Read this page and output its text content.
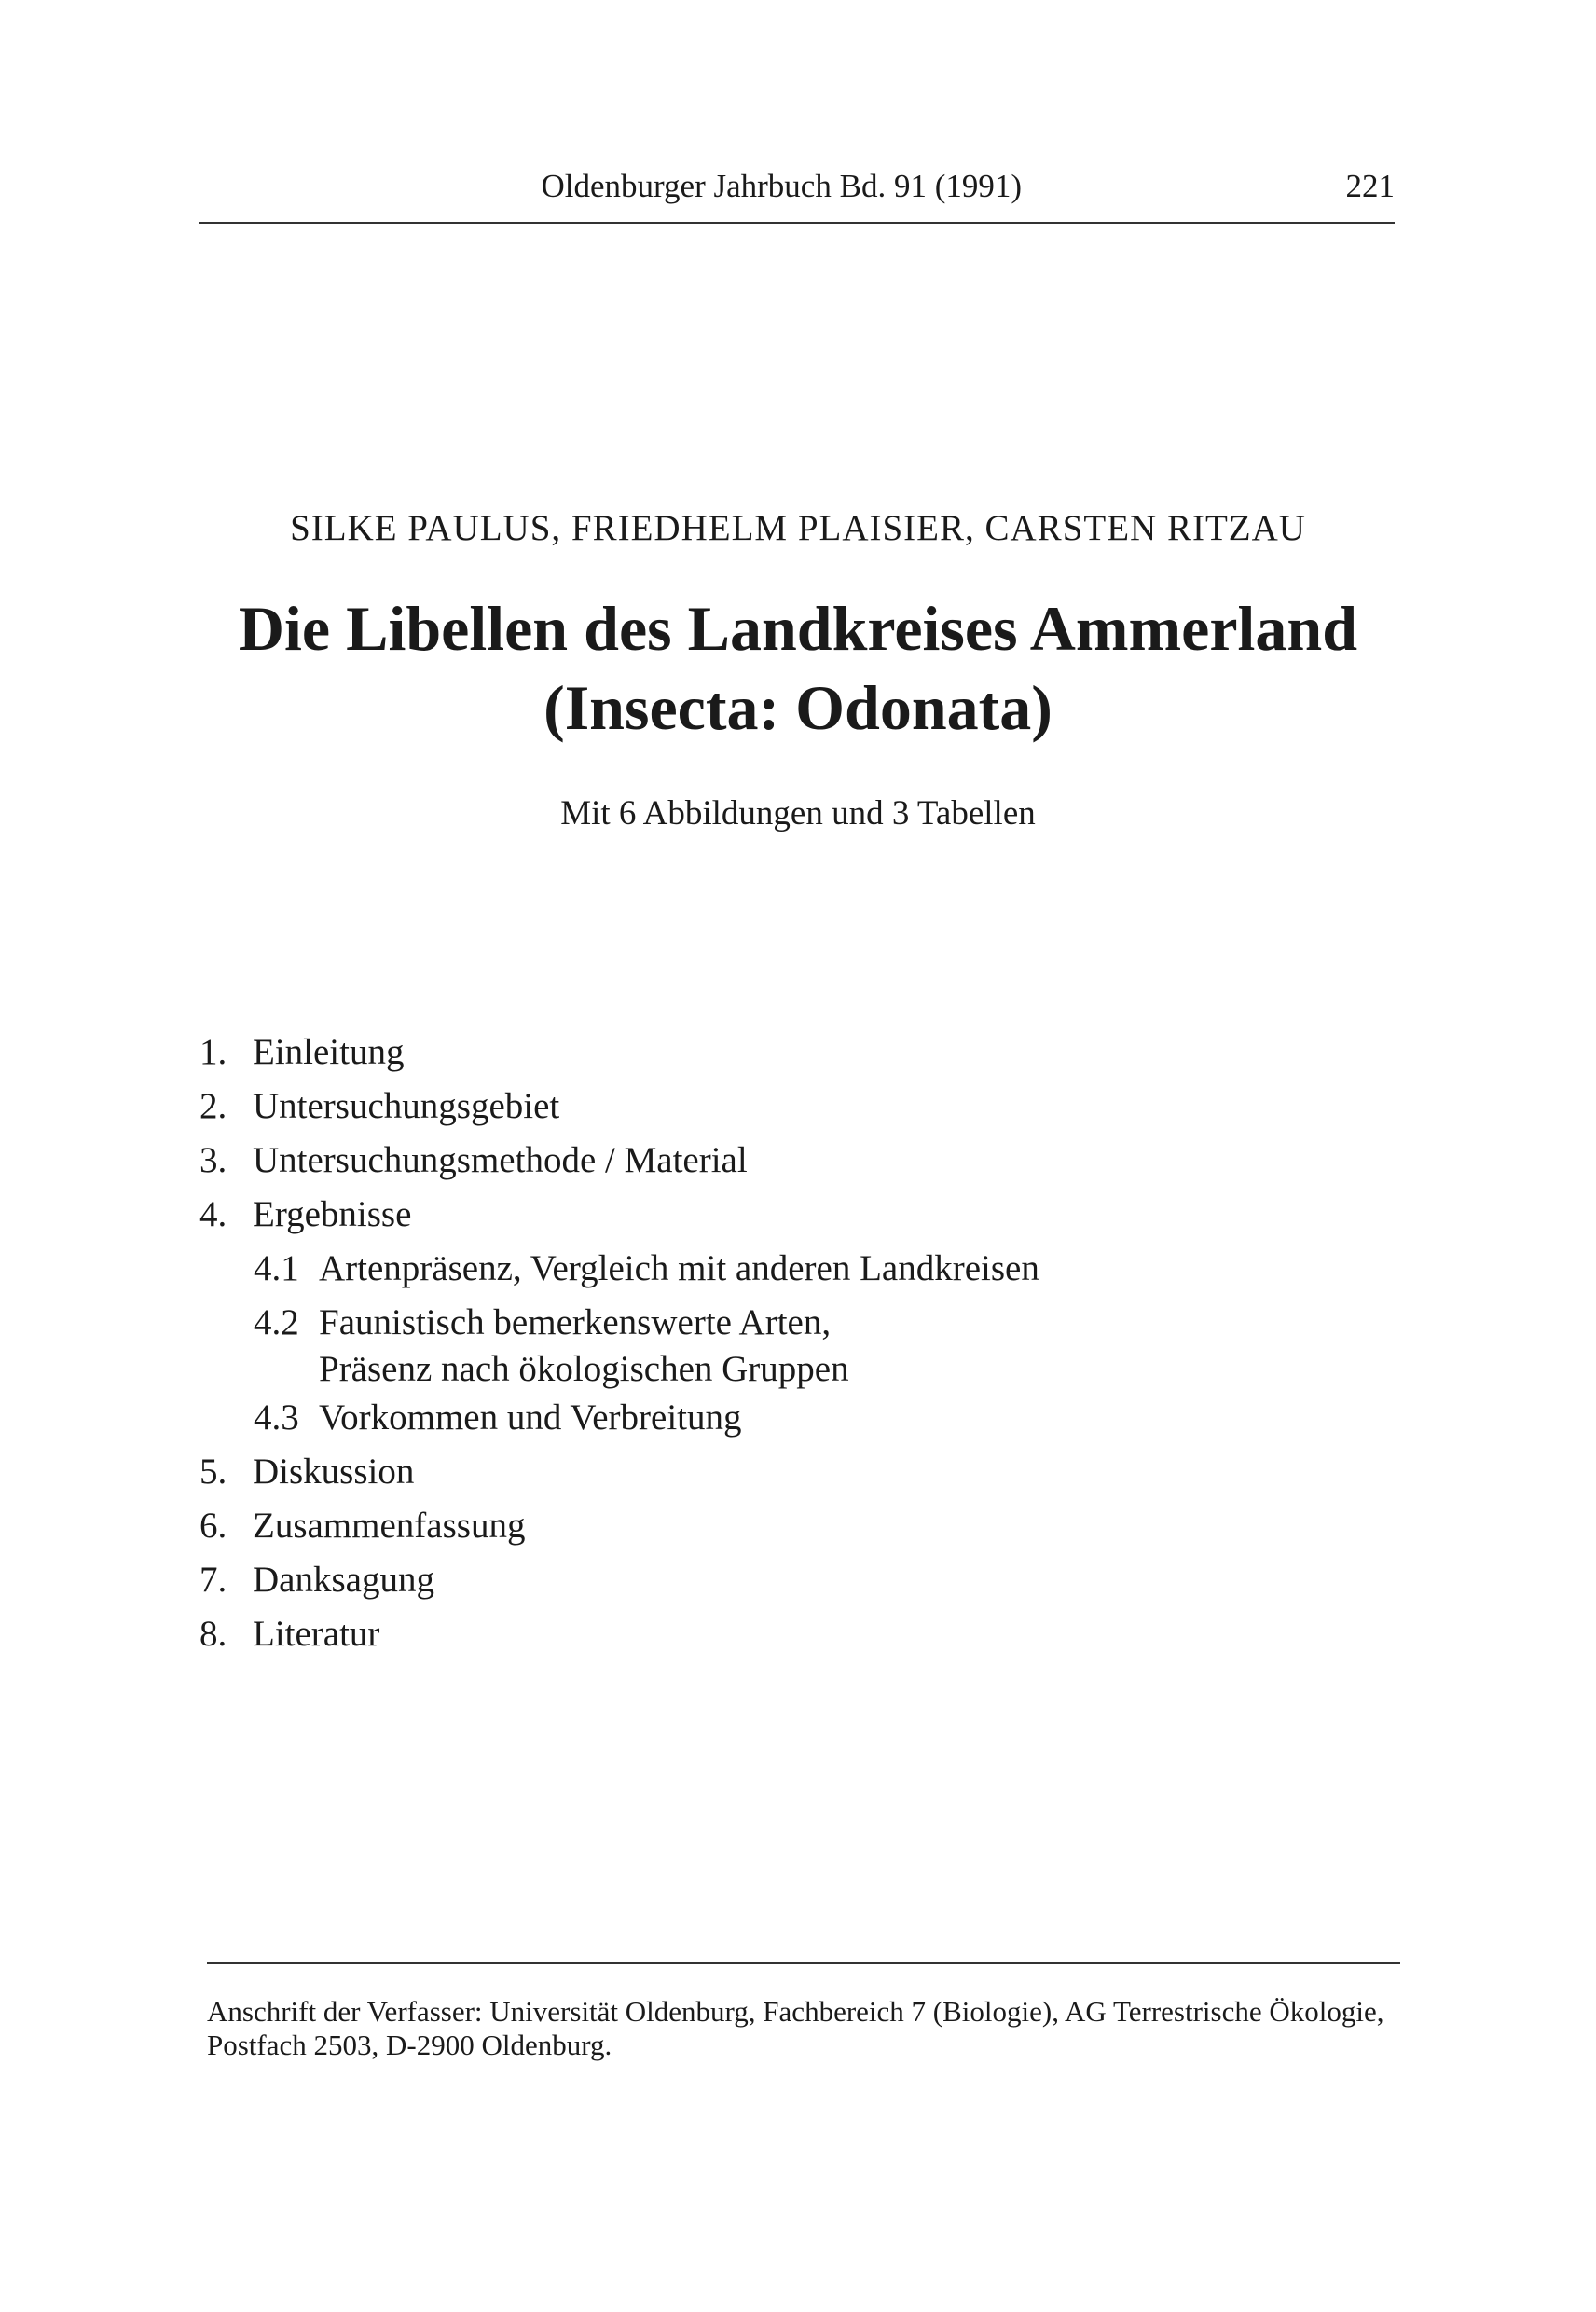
Oldenburger Jahrbuch Bd. 91 (1991)	221
SILKE PAULUS, FRIEDHELM PLAISIER, CARSTEN RITZAU
Die Libellen des Landkreises Ammerland
(Insecta: Odonata)
Mit 6 Abbildungen und 3 Tabellen
1. Einleitung
2. Untersuchungsgebiet
3. Untersuchungsmethode / Material
4. Ergebnisse
4.1 Artenpräsenz, Vergleich mit anderen Landkreisen
4.2 Faunistisch bemerkenswerte Arten,
Präsenz nach ökologischen Gruppen
4.3 Vorkommen und Verbreitung
5. Diskussion
6. Zusammenfassung
7. Danksagung
8. Literatur
Anschrift der Verfasser: Universität Oldenburg, Fachbereich 7 (Biologie), AG Terrestrische Ökologie,
Postfach 2503, D-2900 Oldenburg.
